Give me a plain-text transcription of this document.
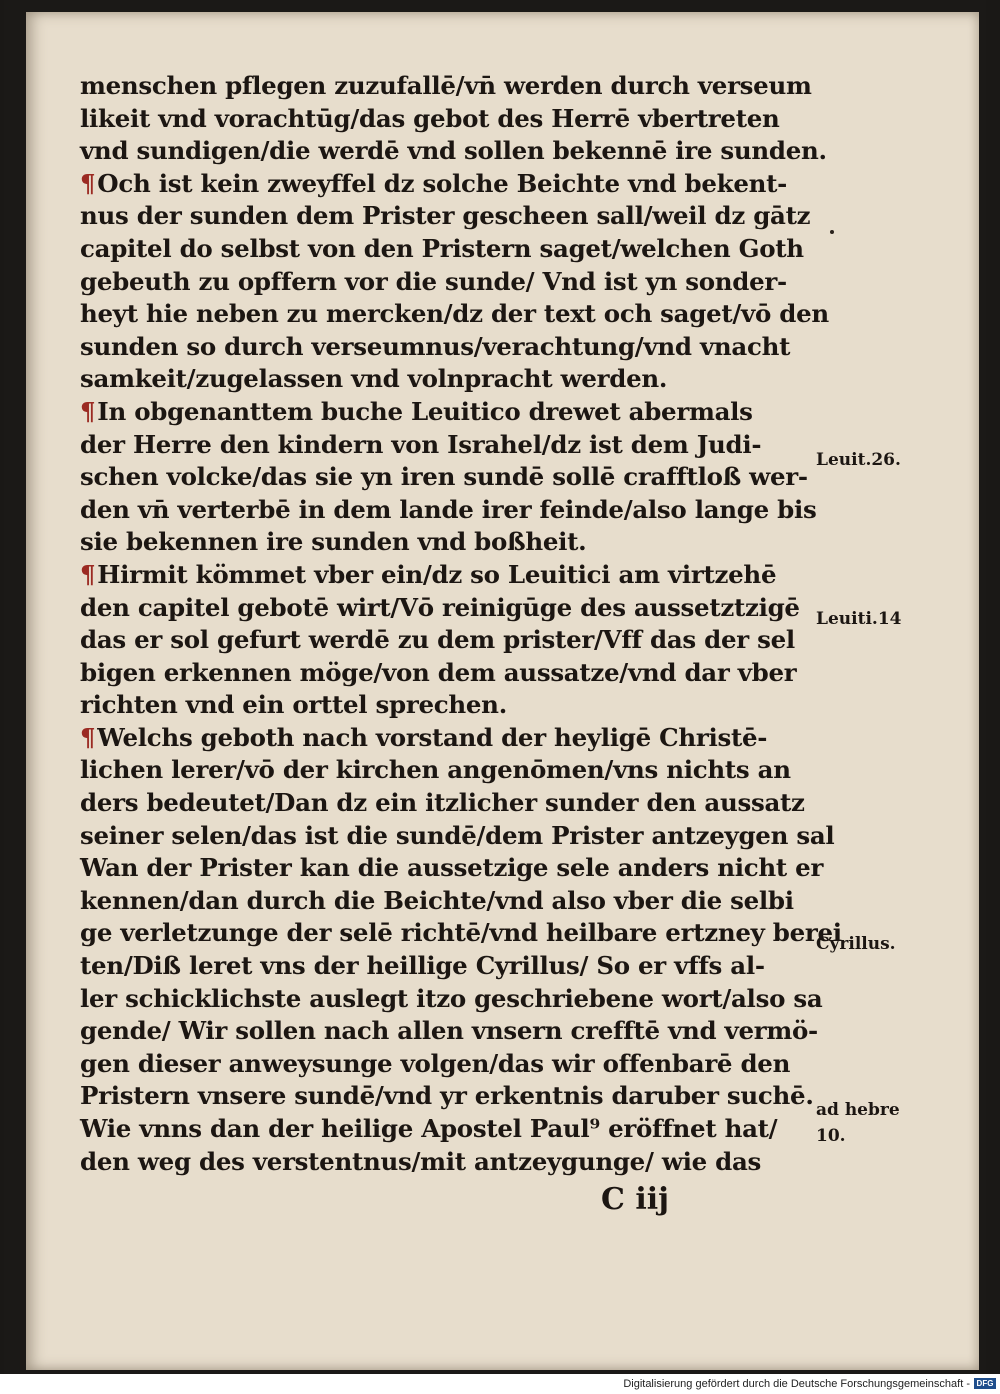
menschen pflegen zuzufallē/vn̄ werden durch verseum
likeit vnd vorachtūg/das gebot des Herrē vbertreten
vnd sundigen/die werdē vnd sollen bekennē ire sunden.
¶Och ist kein zweyffel dz solche Beichte vnd bekent-
nus der sunden dem Prister gescheen sall/weil dz gātz
capitel do selbst von den Pristern saget/welchen Goth
gebeuth zu opffern vor die sunde/ Vnd ist yn sonder-
heyt hie neben zu mercken/dz der text och saget/vō den
sunden so durch verseumnus/verachtung/vnd vnacht
samkeit/zugelassen vnd volnpracht werden.
¶In obgenanttem buche Leuitico drewet abermals
der Herre den kindern von Israhel/dz ist dem Judi-
schen volcke/das sie yn iren sundē sollē crafftloß wer-
den vn̄ verterbē in dem lande irer feinde/also lange bis
sie bekennen ire sunden vnd boßheit.
¶Hirmit kömmet vber ein/dz so Leuitici am virtzehē
den capitel gebotē wirt/Vō reinigūge des aussetztzigē
das er sol gefurt werdē zu dem prister/Vff das der sel
bigen erkennen möge/von dem aussatze/vnd dar vber
richten vnd ein orttel sprechen.
¶Welchs geboth nach vorstand der heyligē Christē-
lichen lerer/vō der kirchen angenōmen/vns nichts an
ders bedeutet/Dan dz ein itzlicher sunder den aussatz
seiner selen/das ist die sundē/dem Prister antzeygen sal
Wan der Prister kan die aussetzige sele anders nicht er
kennen/dan durch die Beichte/vnd also vber die selbi
ge verletzunge der selē richtē/vnd heilbare ertzney berei
ten/Diß leret vns der heillige Cyrillus/ So er vffs al-
ler schicklichste auslegt itzo geschriebene wort/also sa
gende/ Wir sollen nach allen vnsern crefftē vnd vermö-
gen dieser anweysunge volgen/das wir offenbarē den
Pristern vnsere sundē/vnd yr erkentnis daruber suchē.
Wie vnns dan der heilige Apostel Paul⁹ eröffnet hat/
den weg des verstentnus/mit antzeygunge/ wie das
Leuit.26.
Leuiti.14
Cyrillus.
ad hebre
10.
C iij
Digitalisierung gefördert durch die Deutsche Forschungsgemeinschaft - DFG
